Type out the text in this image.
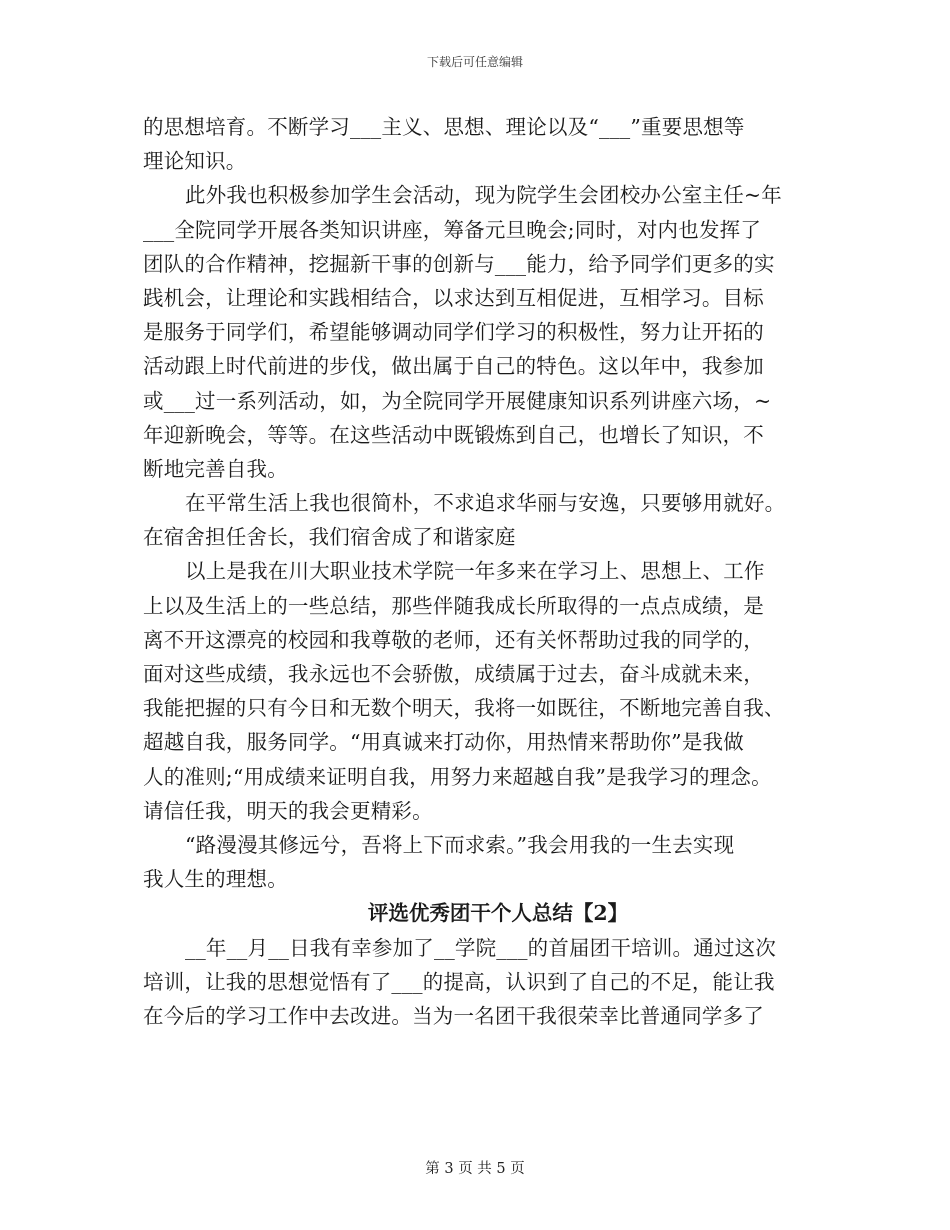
下载后可任意编辑
的思想培育。不断学习___主义、思想、理论以及“___”重要思想等
理论知识。
此外我也积极参加学生会活动，现为院学生会团校办公室主任~年
___全院同学开展各类知识讲座，筹备元旦晚会;同时，对内也发挥了
团队的合作精神，挖掘新干事的创新与___能力，给予同学们更多的实
践机会，让理论和实践相结合，以求达到互相促进，互相学习。目标
是服务于同学们，希望能够调动同学们学习的积极性，努力让开拓的
活动跟上时代前进的步伐，做出属于自己的特色。这以年中，我参加
或___过一系列活动，如，为全院同学开展健康知识系列讲座六场，~
年迎新晚会，等等。在这些活动中既锻炼到自己，也增长了知识，不
断地完善自我。
在平常生活上我也很简朴，不求追求华丽与安逸，只要够用就好。
在宿舍担任舍长，我们宿舍成了和谐家庭
以上是我在川大职业技术学院一年多来在学习上、思想上、工作
上以及生活上的一些总结，那些伴随我成长所取得的一点点成绩，是
离不开这漂亮的校园和我尊敬的老师，还有关怀帮助过我的同学的，
面对这些成绩，我永远也不会骄傲，成绩属于过去，奋斗成就未来，
我能把握的只有今日和无数个明天，我将一如既往，不断地完善自我、
超越自我，服务同学。“用真诚来打动你，用热情来帮助你”是我做
人的准则;“用成绩来证明自我，用努力来超越自我”是我学习的理念。
请信任我，明天的我会更精彩。
“路漫漫其修远兮，吾将上下而求索。”我会用我的一生去实现
我人生的理想。
评选优秀团干个人总结【2】
__年__月__日我有幸参加了__学院___的首届团干培训。通过这次
培训，让我的思想觉悟有了___的提高，认识到了自己的不足，能让我
在今后的学习工作中去改进。当为一名团干我很荣幸比普通同学多了
第 3 页 共 5 页
